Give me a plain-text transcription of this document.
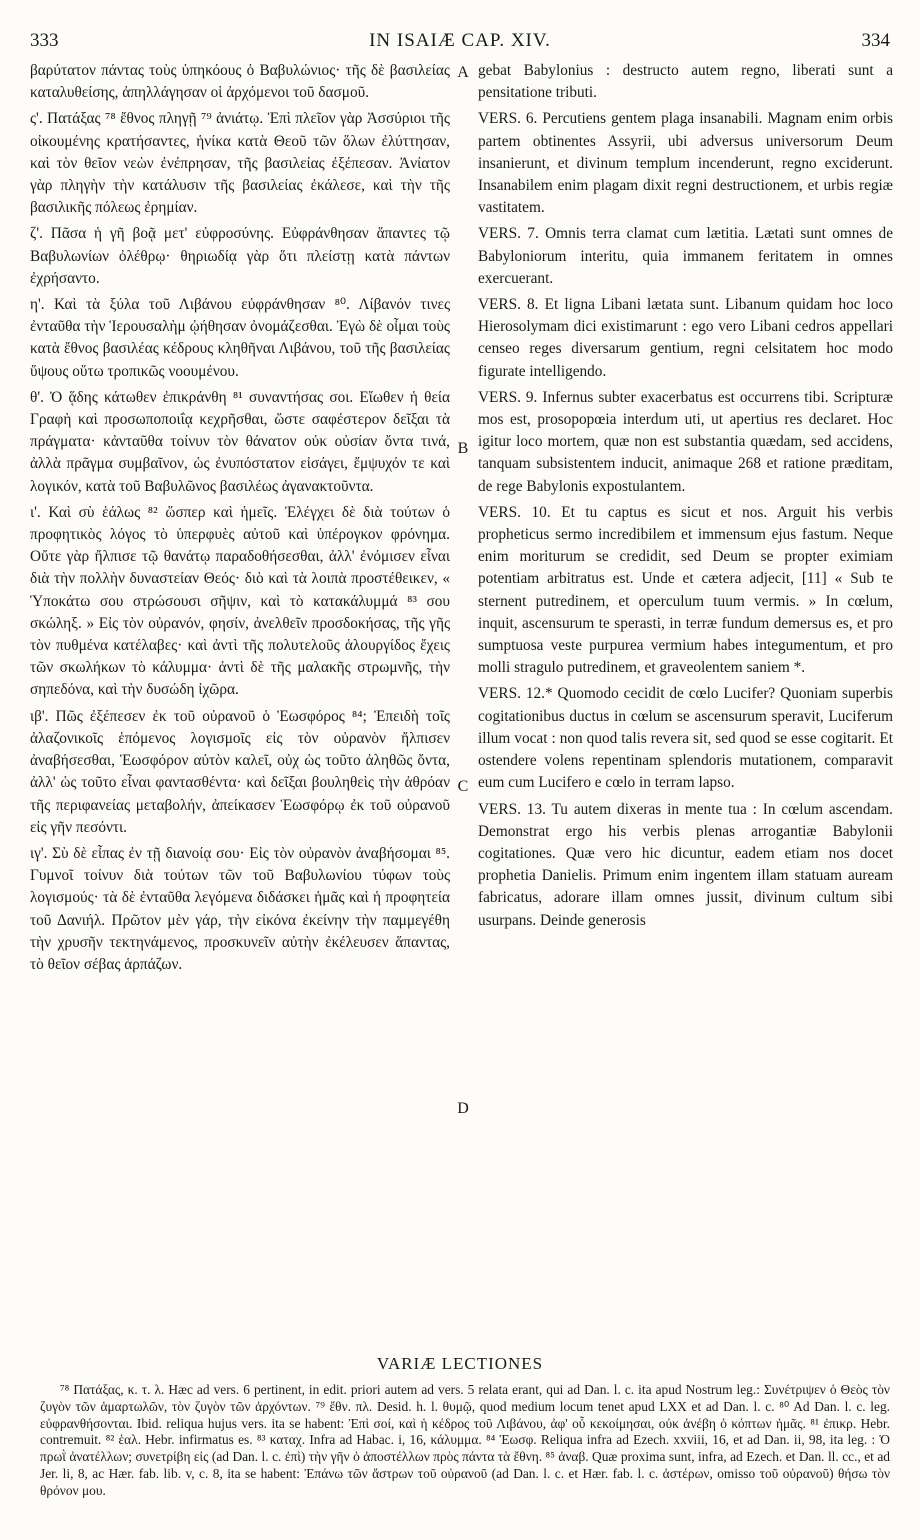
333	IN ISAIÆ CAP. XIV.	334

βαρύτατον πάντας τοὺς ὑπηκόους ὁ Βαβυλώνιος· τῆς δὲ βασιλείας καταλυθείσης, ἀπηλλάγησαν οἱ ἀρχόμενοι τοῦ δασμοῦ.

ς'. Πατάξας ⁷⁸ ἔθνος πληγῇ ⁷⁹ ἀνιάτῳ. Ἐπὶ πλεῖον γὰρ Ἀσσύριοι τῆς οἰκουμένης κρατήσαντες, ἡνίκα κατὰ Θεοῦ τῶν ὅλων ἐλύττησαν, καὶ τὸν θεῖον νεὼν ἐνέπρησαν, τῆς βασιλείας ἐξέπεσαν. Ἀνίατον γὰρ πληγὴν τὴν κατάλυσιν τῆς βασιλείας ἐκάλεσε, καὶ τὴν τῆς βασιλικῆς πόλεως ἐρημίαν.

ζ'. Πᾶσα ἡ γῆ βοᾷ μετ' εὐφροσύνης. Εὐφράνθησαν ἅπαντες τῷ Βαβυλωνίων ὀλέθρῳ· θηριωδίᾳ γὰρ ὅτι πλείστῃ κατὰ πάντων ἐχρήσαντο.

η'. Καὶ τὰ ξύλα τοῦ Λιβάνου εὐφράνθησαν ⁸⁰. Λίβανόν τινες ἐνταῦθα τὴν Ἱερουσαλὴμ ᾠήθησαν ὀνομάζεσθαι. Ἐγὼ δὲ οἶμαι τοὺς κατὰ ἔθνος βασιλέας κέδρους κληθῆναι Λιβάνου, τοῦ τῆς βασιλείας ὕψους οὕτω τροπικῶς νοουμένου.

θ'. Ὁ ᾅδης κάτωθεν ἐπικράνθη ⁸¹ συναντήσας σοι. Εἴωθεν ἡ θεία Γραφὴ καὶ προσωποποιΐᾳ κεχρῆσθαι, ὥστε σαφέστερον δεῖξαι τὰ πράγματα· κἀνταῦθα τοίνυν τὸν θάνατον οὐκ οὐσίαν ὄντα τινά, ἀλλὰ πρᾶγμα συμβαῖνον, ὡς ἐνυπόστατον εἰσάγει, ἔμψυχόν τε καὶ λογικόν, κατὰ τοῦ Βαβυλῶνος βασιλέως ἀγανακτοῦντα.

ι'. Καὶ σὺ ἑάλως ⁸² ὥσπερ καὶ ἡμεῖς. Ἐλέγχει δὲ διὰ τούτων ὁ προφητικὸς λόγος τὸ ὑπερφυὲς αὐτοῦ καὶ ὑπέρογκον φρόνημα. Οὔτε γὰρ ἤλπισε τῷ θανάτῳ παραδοθήσεσθαι, ἀλλ' ἐνόμισεν εἶναι διὰ τὴν πολλὴν δυναστείαν Θεός· διὸ καὶ τὰ λοιπὰ προστέθεικεν, « Ὑποκάτω σου στρώσουσι σῆψιν, καὶ τὸ κατακάλυμμά ⁸³ σου σκώληξ. » Εἰς τὸν οὐρανόν, φησίν, ἀνελθεῖν προσδοκήσας, τῆς γῆς τὸν πυθμένα κατέλαβες· καὶ ἀντὶ τῆς πολυτελοῦς ἁλουργίδος ἔχεις τῶν σκωλήκων τὸ κάλυμμα· ἀντὶ δὲ τῆς μαλακῆς στρωμνῆς, τὴν σηπεδόνα, καὶ τὴν δυσώδη ἰχῶρα.

ιβ'. Πῶς ἐξέπεσεν ἐκ τοῦ οὐρανοῦ ὁ Ἑωσφόρος ⁸⁴; Ἐπειδὴ τοῖς ἀλαζονικοῖς ἑπόμενος λογισμοῖς εἰς τὸν οὐρανὸν ἤλπισεν ἀναβήσεσθαι, Ἑωσφόρον αὐτὸν καλεῖ, οὐχ ὡς τοῦτο ἀληθῶς ὄντα, ἀλλ' ὡς τοῦτο εἶναι φαντασθέντα· καὶ δεῖξαι βουληθεὶς τὴν ἀθρόαν τῆς περιφανείας μεταβολήν, ἀπείκασεν Ἑωσφόρῳ ἐκ τοῦ οὐρανοῦ εἰς γῆν πεσόντι.

ιγ'. Σὺ δὲ εἶπας ἐν τῇ διανοίᾳ σου· Εἰς τὸν οὐρανὸν ἀναβήσομαι ⁸⁵. Γυμνοῖ τοίνυν διὰ τούτων τῶν τοῦ Βαβυλωνίου τύφων τοὺς λογισμούς· τὰ δὲ ἐνταῦθα λεγόμενα διδάσκει ἡμᾶς καὶ ἡ προφητεία τοῦ Δανιήλ. Πρῶτον μὲν γάρ, τὴν εἰκόνα ἐκείνην τὴν παμμεγέθη τὴν χρυσῆν τεκτηνάμενος, προσκυνεῖν αὐτὴν ἐκέλευσεν ἅπαντας, τὸ θεῖον σέβας ἁρπάζων.

A
B
C
D

gebat Babylonius : destructo autem regno, liberati sunt a pensitatione tributi.

VERS. 6. Percutiens gentem plaga insanabili. Magnam enim orbis partem obtinentes Assyrii, ubi adversus universorum Deum insanierunt, et divinum templum incenderunt, regno exciderunt. Insanabilem enim plagam dixit regni destructionem, et urbis regiæ vastitatem.

VERS. 7. Omnis terra clamat cum lætitia. Lætati sunt omnes de Babyloniorum interitu, quia immanem feritatem in omnes exercuerant.

VERS. 8. Et ligna Libani lætata sunt. Libanum quidam hoc loco Hierosolymam dici existimarunt : ego vero Libani cedros appellari censeo reges diversarum gentium, regni celsitatem hoc modo figurate intelligendo.

VERS. 9. Infernus subter exacerbatus est occurrens tibi. Scripturæ mos est, prosopopœia interdum uti, ut apertius res declaret. Hoc igitur loco mortem, quæ non est substantia quædam, sed accidens, tanquam subsistentem inducit, animaque 268 et ratione præditam, de rege Babylonis expostulantem.

VERS. 10. Et tu captus es sicut et nos. Arguit his verbis propheticus sermo incredibilem et immensum ejus fastum. Neque enim moriturum se credidit, sed Deum se propter eximiam potentiam arbitratus est. Unde et cætera adjecit, [11] « Sub te sternent putredinem, et operculum tuum vermis. » In cœlum, inquit, ascensurum te sperasti, in terræ fundum demersus es, et pro sumptuosa veste purpurea vermium habes integumentum, et pro molli stragulo putredinem, et graveolentem saniem *.

VERS. 12.* Quomodo cecidit de cœlo Lucifer? Quoniam superbis cogitationibus ductus in cœlum se ascensurum speravit, Luciferum illum vocat : non quod talis revera sit, sed quod se esse cogitarit. Et ostendere volens repentinam splendoris mutationem, comparavit eum cum Lucifero e cœlo in terram lapso.

VERS. 13. Tu autem dixeras in mente tua : In cœlum ascendam. Demonstrat ergo his verbis plenas arrogantiæ Babylonii cogitationes. Quæ vero hic dicuntur, eadem etiam nos docet prophetia Danielis. Primum enim ingentem illam statuam auream fabricatus, adorare illam omnes jussit, divinum cultum sibi usurpans. Deinde generosis

VARIÆ LECTIONES

⁷⁸ Πατάξας, κ. τ. λ. Hæc ad vers. 6 pertinent, in edit. priori autem ad vers. 5 relata erant, qui ad Dan. l. c. ita apud Nostrum leg.: Συνέτριψεν ὁ Θεὸς τὸν ζυγὸν τῶν ἁμαρτωλῶν, τὸν ζυγὸν τῶν ἀρχόντων. ⁷⁹ ἔθν. πλ. Desid. h. l. θυμῷ, quod medium locum tenet apud LXX et ad Dan. l. c. ⁸⁰ Ad Dan. l. c. leg. εὐφρανθήσονται. Ibid. reliqua hujus vers. ita se habent: Ἐπὶ σοί, καὶ ἡ κέδρος τοῦ Λιβάνου, ἀφ' οὗ κεκοίμησαι, οὐκ ἀνέβη ὁ κόπτων ἡμᾶς. ⁸¹ ἐπικρ. Hebr. contremuit. ⁸² ἑαλ. Hebr. infirmatus es. ⁸³ καταχ. Infra ad Habac. i, 16, κάλυμμα. ⁸⁴ Ἑωσφ. Reliqua infra ad Ezech. xxviii, 16, et ad Dan. ii, 98, ita leg. : Ὁ πρωῒ ἀνατέλλων; συνετρίβη εἰς (ad Dan. l. c. ἐπὶ) τὴν γῆν ὁ ἀποστέλλων πρὸς πάντα τὰ ἔθνη. ⁸⁵ ἀναβ. Quæ proxima sunt, infra, ad Ezech. et Dan. ll. cc., et ad Jer. li, 8, ac Hær. fab. lib. v, c. 8, ita se habent: Ἐπάνω τῶν ἄστρων τοῦ οὐρανοῦ (ad Dan. l. c. et Hær. fab. l. c. ἀστέρων, omisso τοῦ οὐρανοῦ) θήσω τὸν θρόνον μου.
